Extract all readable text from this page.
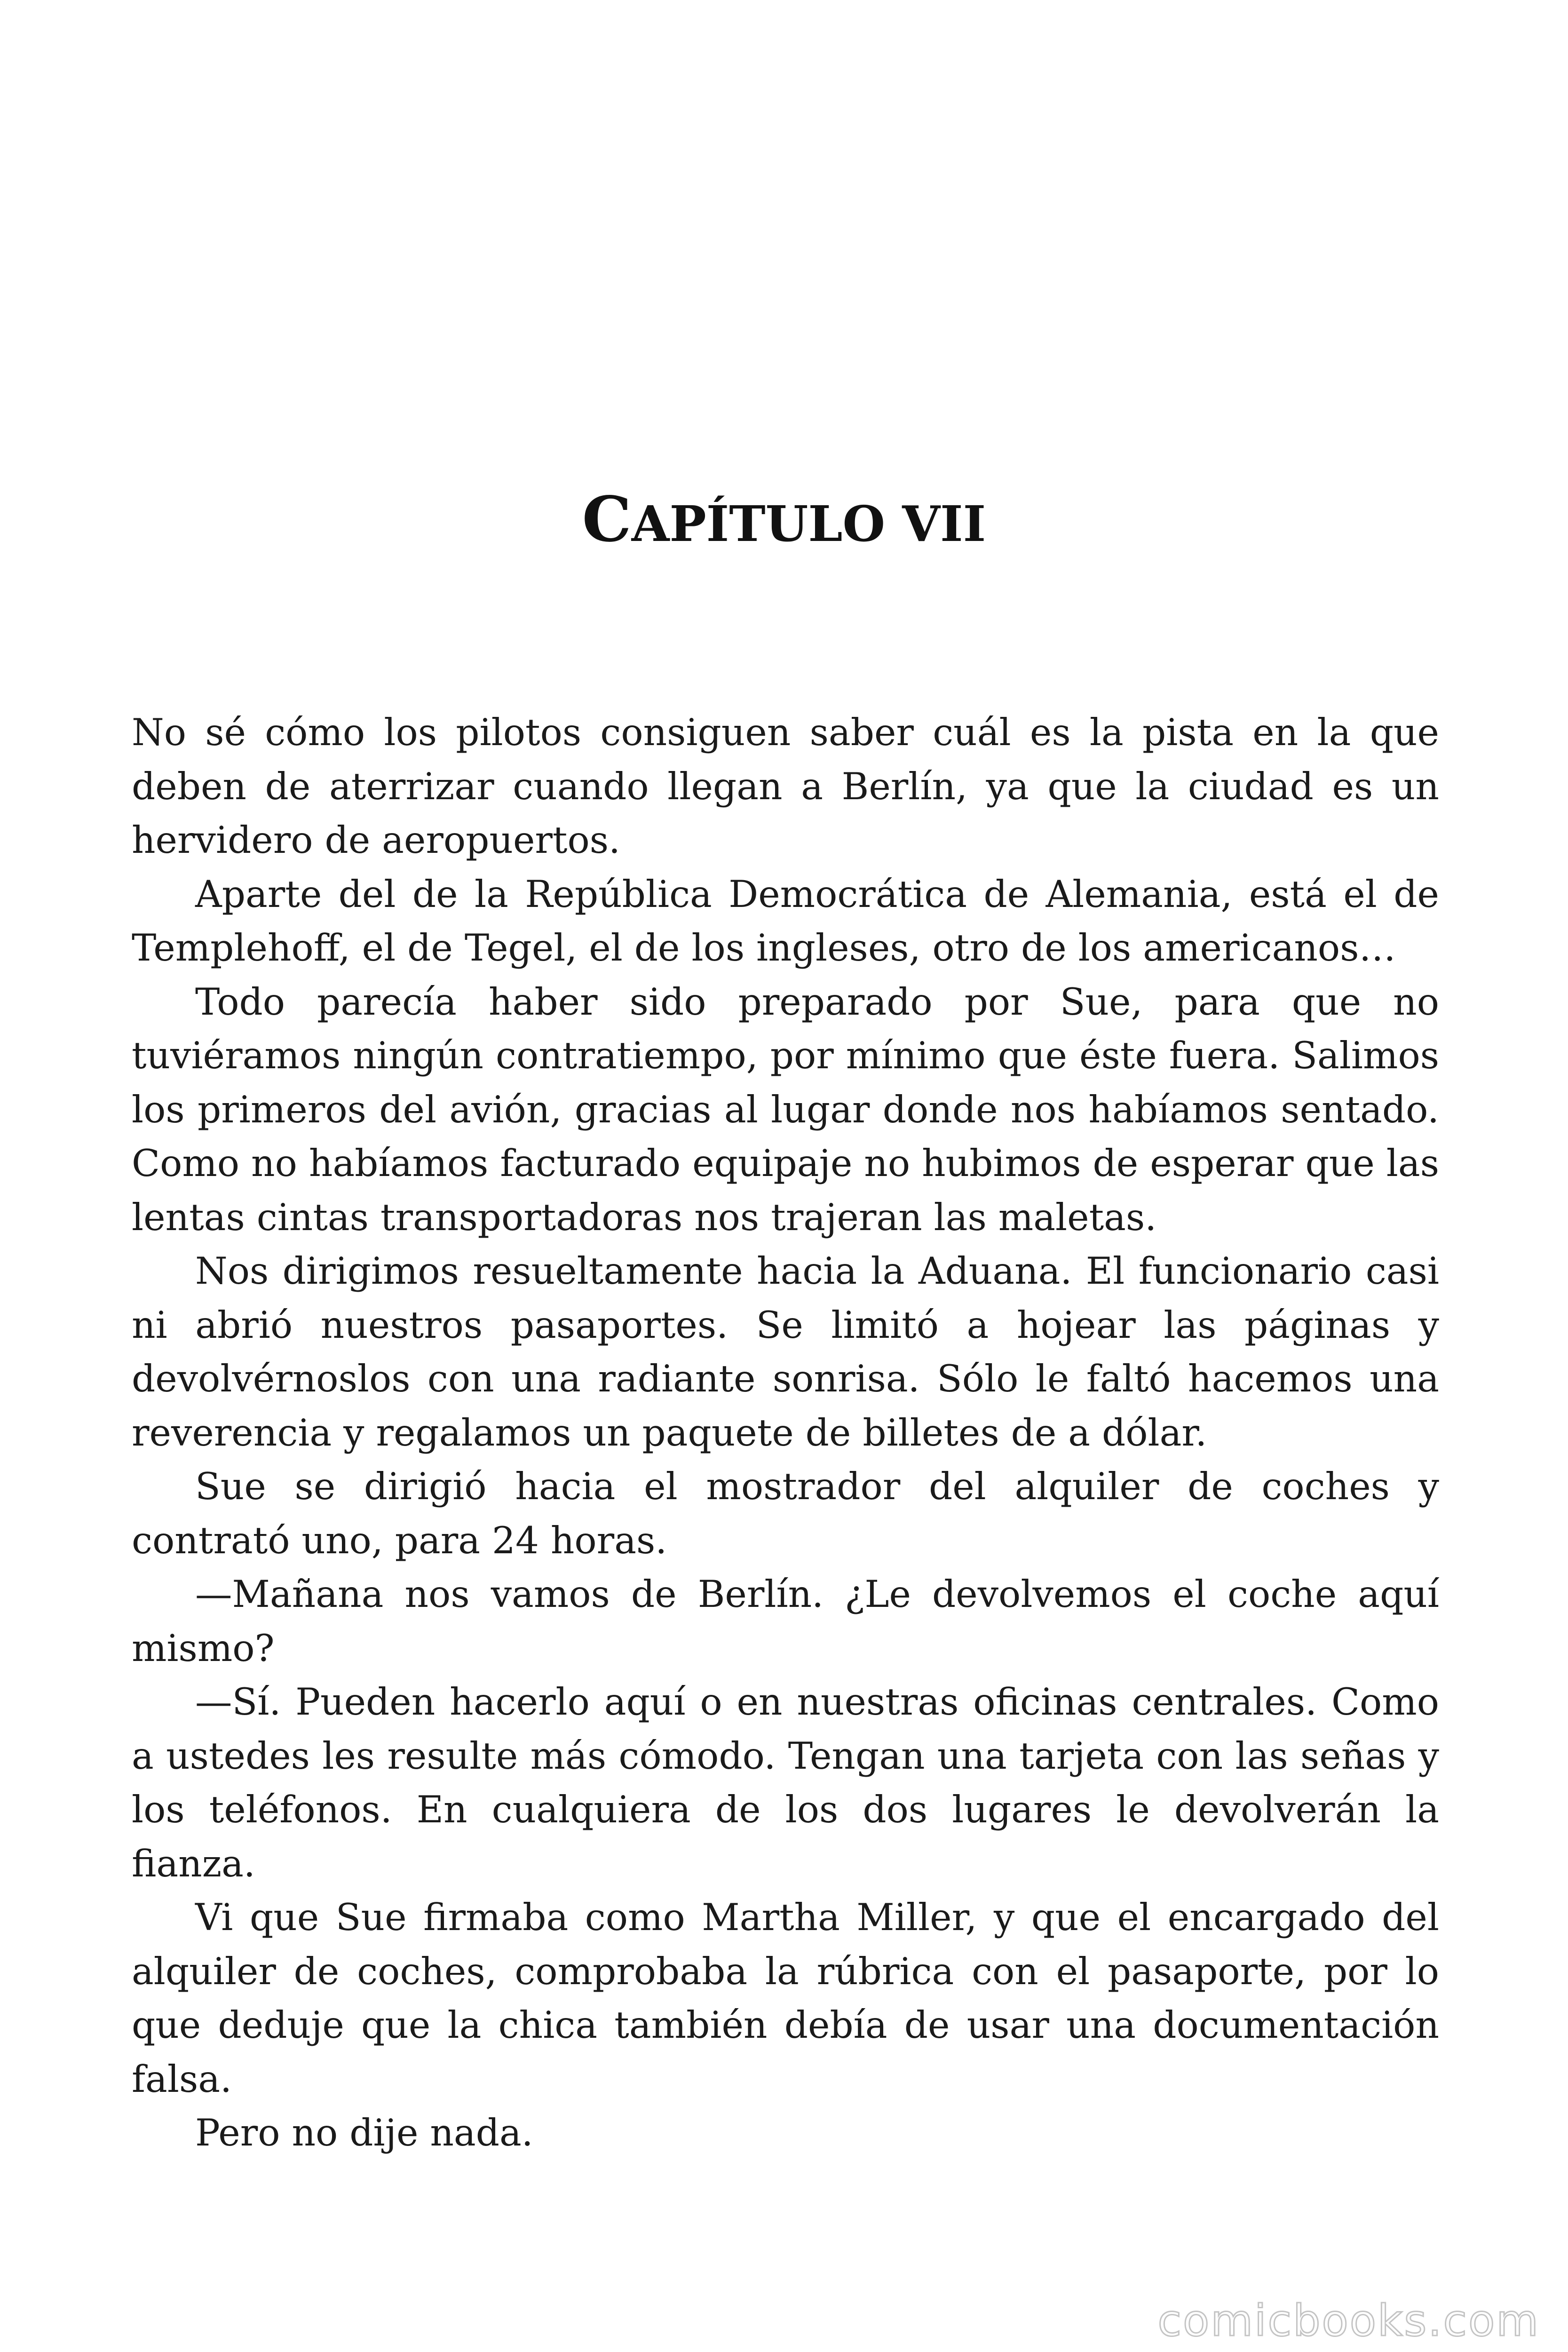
CAPÍTULO VII

No sé cómo los pilotos consiguen saber cuál es la pista en la que deben de aterrizar cuando llegan a Berlín, ya que la ciudad es un hervidero de aeropuertos.

Aparte del de la República Democrática de Alemania, está el de Templehoff, el de Tegel, el de los ingleses, otro de los americanos…

Todo parecía haber sido preparado por Sue, para que no tuviéramos ningún contratiempo, por mínimo que éste fuera. Salimos los primeros del avión, gracias al lugar donde nos habíamos sentado. Como no habíamos facturado equipaje no hubimos de esperar que las lentas cintas transportadoras nos trajeran las maletas.

Nos dirigimos resueltamente hacia la Aduana. El funcionario casi ni abrió nuestros pasaportes. Se limitó a hojear las páginas y devolvérnoslos con una radiante sonrisa. Sólo le faltó hacemos una reverencia y regalamos un paquete de billetes de a dólar.

Sue se dirigió hacia el mostrador del alquiler de coches y contrató uno, para 24 horas.

—Mañana nos vamos de Berlín. ¿Le devolvemos el coche aquí mismo?

—Sí. Pueden hacerlo aquí o en nuestras oficinas centrales. Como a ustedes les resulte más cómodo. Tengan una tarjeta con las señas y los teléfonos. En cualquiera de los dos lugares le devolverán la fianza.

Vi que Sue firmaba como Martha Miller, y que el encargado del alquiler de coches, comprobaba la rúbrica con el pasaporte, por lo que deduje que la chica también debía de usar una documentación falsa.

Pero no dije nada.

comicbooks.com
